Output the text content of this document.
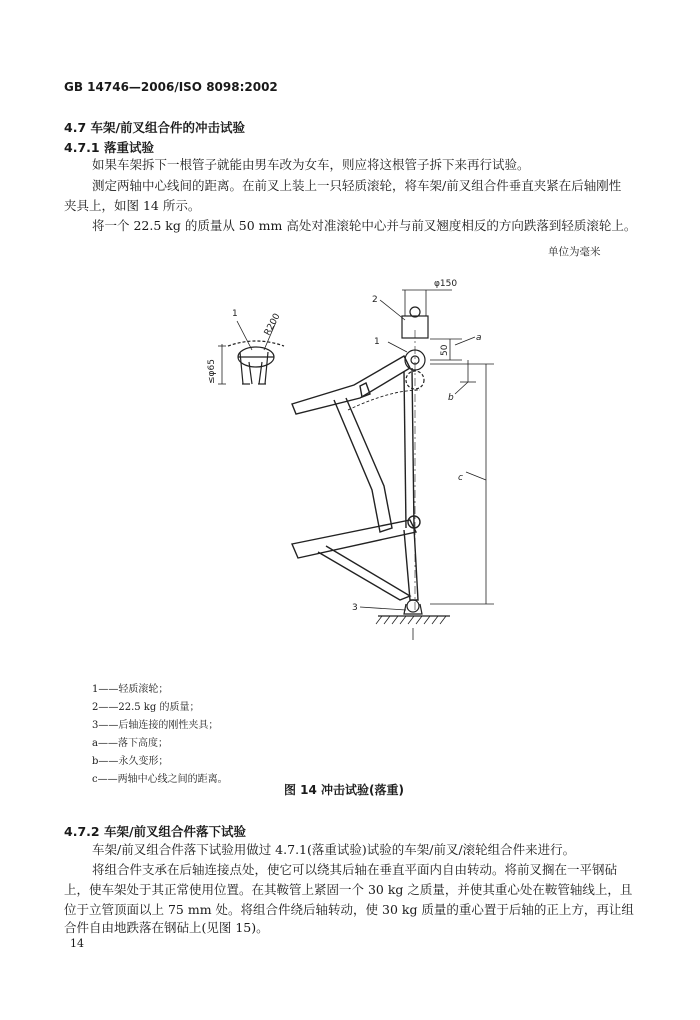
GB 14746—2006/ISO 8098:2002
4.7 车架/前叉组合件的冲击试验
4.7.1 落重试验
如果车架拆下一根管子就能由男车改为女车，则应将这根管子拆下来再行试验。
测定两轴中心线间的距离。在前叉上装上一只轻质滚轮，将车架/前叉组合件垂直夹紧在后轴刚性
夹具上，如图 14 所示。
将一个 22.5 kg 的质量从 50 mm 高处对准滚轮中心并与前叉翘度相反的方向跌落到轻质滚轮上。
单位为毫米
1	R200
≤φ65
2
φ150
50
a
b
c
1
3
1——轻质滚轮；
2——22.5 kg 的质量；
3——后轴连接的刚性夹具；
a——落下高度；
b——永久变形；
c——两轴中心线之间的距离。
图 14 冲击试验(落重)
4.7.2 车架/前叉组合件落下试验
车架/前叉组合件落下试验用做过 4.7.1(落重试验)试验的车架/前叉/滚轮组合件来进行。
将组合件支承在后轴连接点处，使它可以绕其后轴在垂直平面内自由转动。将前叉搁在一平钢砧
上，使车架处于其正常使用位置。在其鞍管上紧固一个 30 kg 之质量，并使其重心处在鞍管轴线上，且
位于立管顶面以上 75 mm 处。将组合件绕后轴转动，使 30 kg 质量的重心置于后轴的正上方，再让组
合件自由地跌落在钢砧上(见图 15)。
14
